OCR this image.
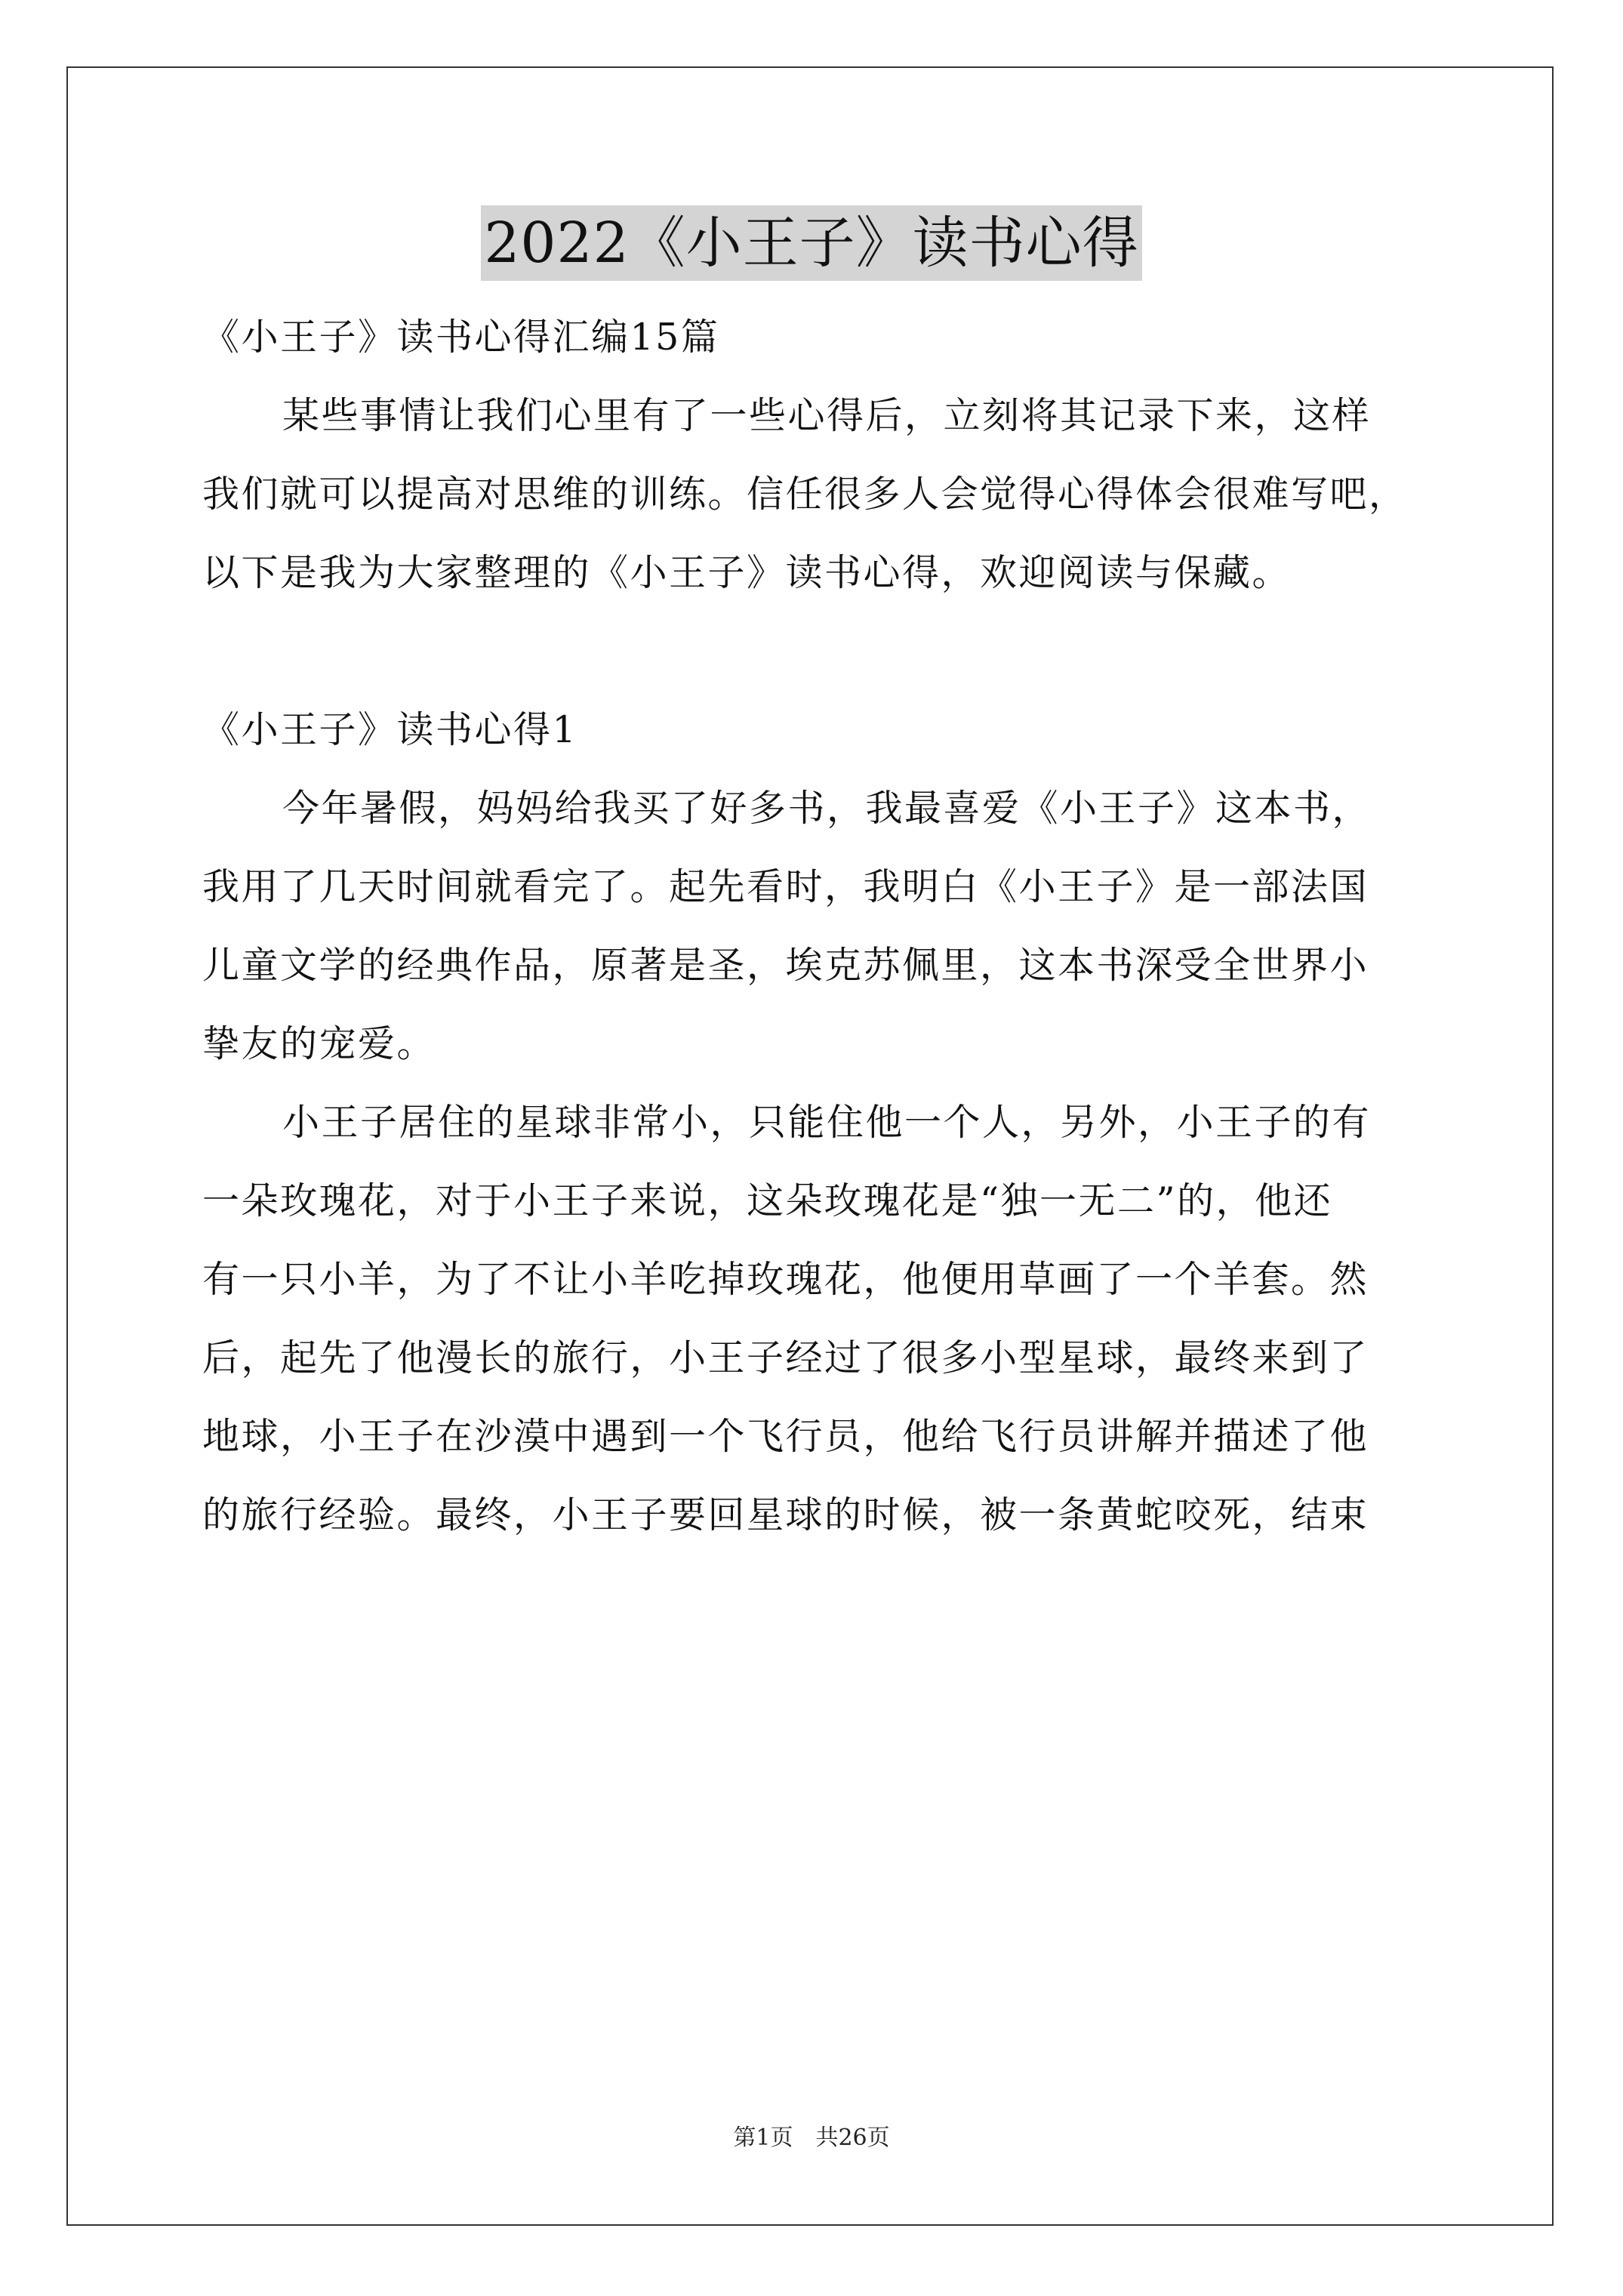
2022《小王子》读书心得
《小王子》读书心得汇编15篇
某些事情让我们心里有了一些心得后，立刻将其记录下来，这样
我们就可以提高对思维的训练。信任很多人会觉得心得体会很难写吧，
以下是我为大家整理的《小王子》读书心得，欢迎阅读与保藏。
《小王子》读书心得1
今年暑假，妈妈给我买了好多书，我最喜爱《小王子》这本书，
我用了几天时间就看完了。起先看时，我明白《小王子》是一部法国
儿童文学的经典作品，原著是圣，埃克苏佩里，这本书深受全世界小
挚友的宠爱。
小王子居住的星球非常小，只能住他一个人，另外，小王子的有
一朵玫瑰花，对于小王子来说，这朵玫瑰花是“独一无二”的，他还
有一只小羊，为了不让小羊吃掉玫瑰花，他便用草画了一个羊套。然
后，起先了他漫长的旅行，小王子经过了很多小型星球，最终来到了
地球，小王子在沙漠中遇到一个飞行员，他给飞行员讲解并描述了他
的旅行经验。最终，小王子要回星球的时候，被一条黄蛇咬死，结束
第1页　共26页
